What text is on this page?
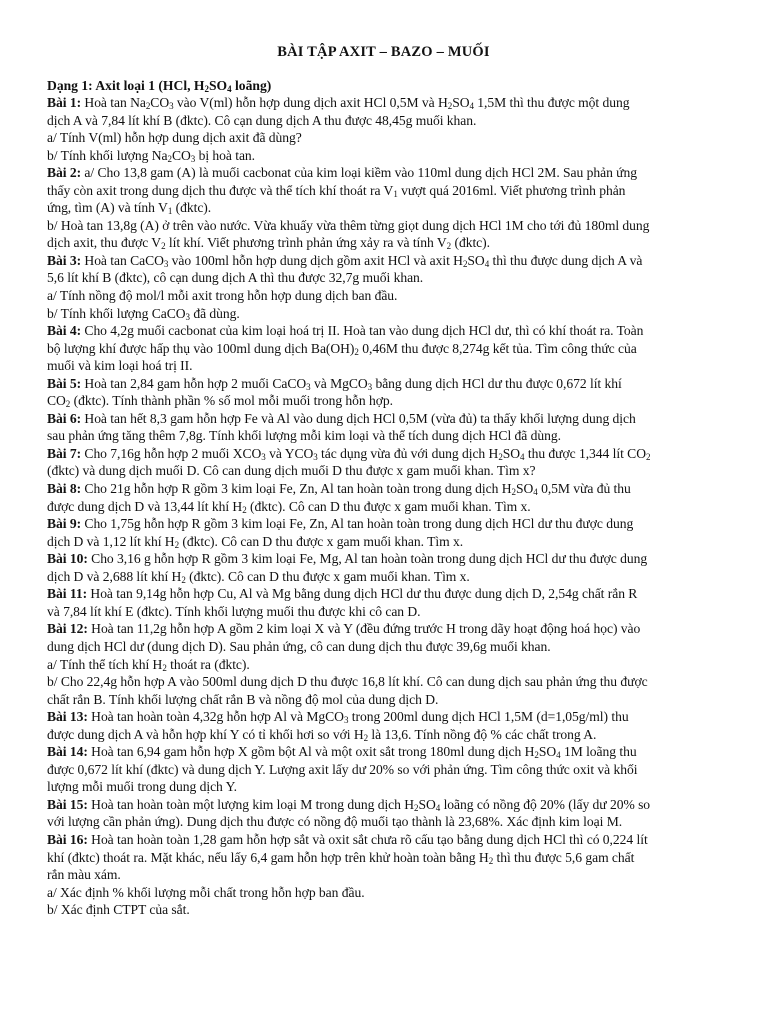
BÀI TẬP AXIT – BAZO – MUỐI

Dạng 1: Axit loại 1 (HCl, $H_2SO_4$ loãng)

Bài 1: Hoà $\tan Na_2CO_3$ vào V(ml) hỗn hợp dung dịch axit HCl 0,5M và $H_2SO_4$ 1,5M thì thu được một dung

dịch A và 7,84 lít khí B (đktc). Cô cạn dung dịch A thu được 48,45g muối khan.

a/ Tính V(ml) hỗn hợp dung dịch axit đã dùng?

b/ Tính khối lượng $Na_2CO_3$ bị hoà tan.

Bài 2: a/ Cho 13,8 gam (A) là muối cacbonat của kim loại kiềm vào 110ml dung dịch HCl 2M. Sau phản ứng

thấy còn axit trong dung dịch thu được và thể tích khí thoát ra $V_1$ vượt quá 2016ml. Viết phương trình phản

ứng, tìm (A) và tính $V_1$ (đktc).

b/ Hoà tan 13,8g (A) ở trên vào nước. Vừa khuấy vừa thêm từng giọt dung dịch HCl 1M cho tới đủ 180ml dung

dịch axit, thu được $V_2$ lít khí. Viết phương trình phản ứng xảy ra và tính $V_2$ (đktc).

Bài 3: Hoà tan CaCO$_3$ vào 100ml hỗn hợp dung dịch gồm axit HCl và axit $H_2SO_4$ thì thu được dung dịch A và

5,6 lít khí B (đktc), cô cạn dung dịch A thì thu được 32,7g muối khan.

a/ Tính nồng độ mol/l mỗi axit trong hỗn hợp dung dịch ban đầu.

b/ Tính khối lượng CaCO$_3$ đã dùng.

Bài 4: Cho 4,2g muối cacbonat của kim loại hoá trị II. Hoà tan vào dung dịch HCl dư, thì có khí thoát ra. Toàn

bộ lượng khí được hấp thụ vào 100ml dung dịch $Ba(OH)_2$ 0,46M thu được 8,274g kết tủa. Tìm công thức của

muối và kim loại hoá trị II.

Bài 5: Hoà tan 2,84 gam hỗn hợp 2 muối CaCO$_3$ và MgCO$_3$ bằng dung dịch HCl dư thu được 0,672 lít khí

$CO_2$ (đktc). Tính thành phần % số mol mỗi muối trong hỗn hợp.

Bài 6: Hoà tan hết 8,3 gam hỗn hợp Fe và Al vào dung dịch HCl 0,5M (vừa đủ) ta thấy khối lượng dung dịch

sau phản ứng tăng thêm 7,8g. Tính khối lượng mỗi kim loại và thể tích dung dịch HCl đã dùng.

Bài 7: Cho 7,16g hỗn hợp 2 muối $XCO_3$ và $YCO_3$ tác dụng vừa đủ với dung dịch $H_2SO_4$ thu được 1,344 lít $CO_2$

(đktc) và dung dịch muối D. Cô can dung dịch muối D thu được x gam muối khan. Tìm x?

Bài 8: Cho 21g hỗn hợp R gồm 3 kim loại Fe, Zn, Al tan hoàn toàn trong dung dịch $H_2SO_4$ 0,5M vừa đủ thu

được dung dịch D và 13,44 lít khí $H_2$ (đktc). Cô can D thu được x gam muối khan. Tìm x.

Bài 9: Cho 1,75g hỗn hợp R gồm 3 kim loại Fe, Zn, Al tan hoàn toàn trong dung dịch HCl dư thu được dung

dịch D và 1,12 lít khí $H_2$ (đktc). Cô can D thu được x gam muối khan. Tìm x.

Bài 10: Cho 3,16 g hỗn hợp R gồm 3 kim loại Fe, Mg, Al tan hoàn toàn trong dung dịch HCl dư thu được dung

dịch D và 2,688 lít khí $H_2$ (đktc). Cô can D thu được x gam muối khan. Tìm x.

Bài 11: Hoà tan 9,14g hỗn hợp Cu, Al và Mg bằng dung dịch HCl dư thu được dung dịch D, 2,54g chất rắn R

và 7,84 lít khí E (đktc). Tính khối lượng muối thu được khi cô can D.

Bài 12: Hoà tan 11,2g hỗn hợp A gồm 2 kim loại X và Y (đều đứng trước H trong dãy hoạt động hoá học) vào

dung dịch HCl dư (dung dịch D). Sau phản ứng, cô can dung dịch thu được 39,6g muối khan.

a/ Tính thể tích khí $H_2$ thoát ra (đktc).

b/ Cho 22,4g hỗn hợp A vào 500ml dung dịch D thu được 16,8 lít khí. Cô can dung dịch sau phản ứng thu được

chất rắn B. Tính khối lượng chất rắn B và nồng độ mol của dung dịch D.

Bài 13: Hoà tan hoàn toàn 4,32g hỗn hợp Al và MgCO$_3$ trong 200ml dung dịch HCl 1,5M (d=1,05g/ml) thu

được dung dịch A và hỗn hợp khí Y có tỉ khối hơi so với $H_2$ là 13,6. Tính nồng độ % các chất trong A.

Bài 14: Hoà tan 6,94 gam hỗn hợp X gồm bột Al và một oxit sắt trong 180ml dung dịch $H_2SO_4$ 1M loãng thu

được 0,672 lít khí (đktc) và dung dịch Y. Lượng axit lấy dư 20% so với phản ứng. Tìm công thức oxit và khối

lượng mỗi muối trong dung dịch Y.

Bài 15: Hoà tan hoàn toàn một lượng kim loại M trong dung dịch $H_2SO_4$ loãng có nồng độ 20% (lấy dư 20% so

với lượng cần phản ứng). Dung dịch thu được có nồng độ muối tạo thành là 23,68%. Xác định kim loại M.

Bài 16: Hoà tan hoàn toàn 1,28 gam hỗn hợp sắt và oxit sắt chưa rõ cấu tạo bằng dung dịch HCl thì có 0,224 lít

khí (đktc) thoát ra. Mặt khác, nếu lấy 6,4 gam hỗn hợp trên khử hoàn toàn bằng $H_2$ thì thu được 5,6 gam chất

rắn màu xám.

a/ Xác định % khối lượng mỗi chất trong hỗn hợp ban đầu.

b/ Xác định CTPT của sắt.
